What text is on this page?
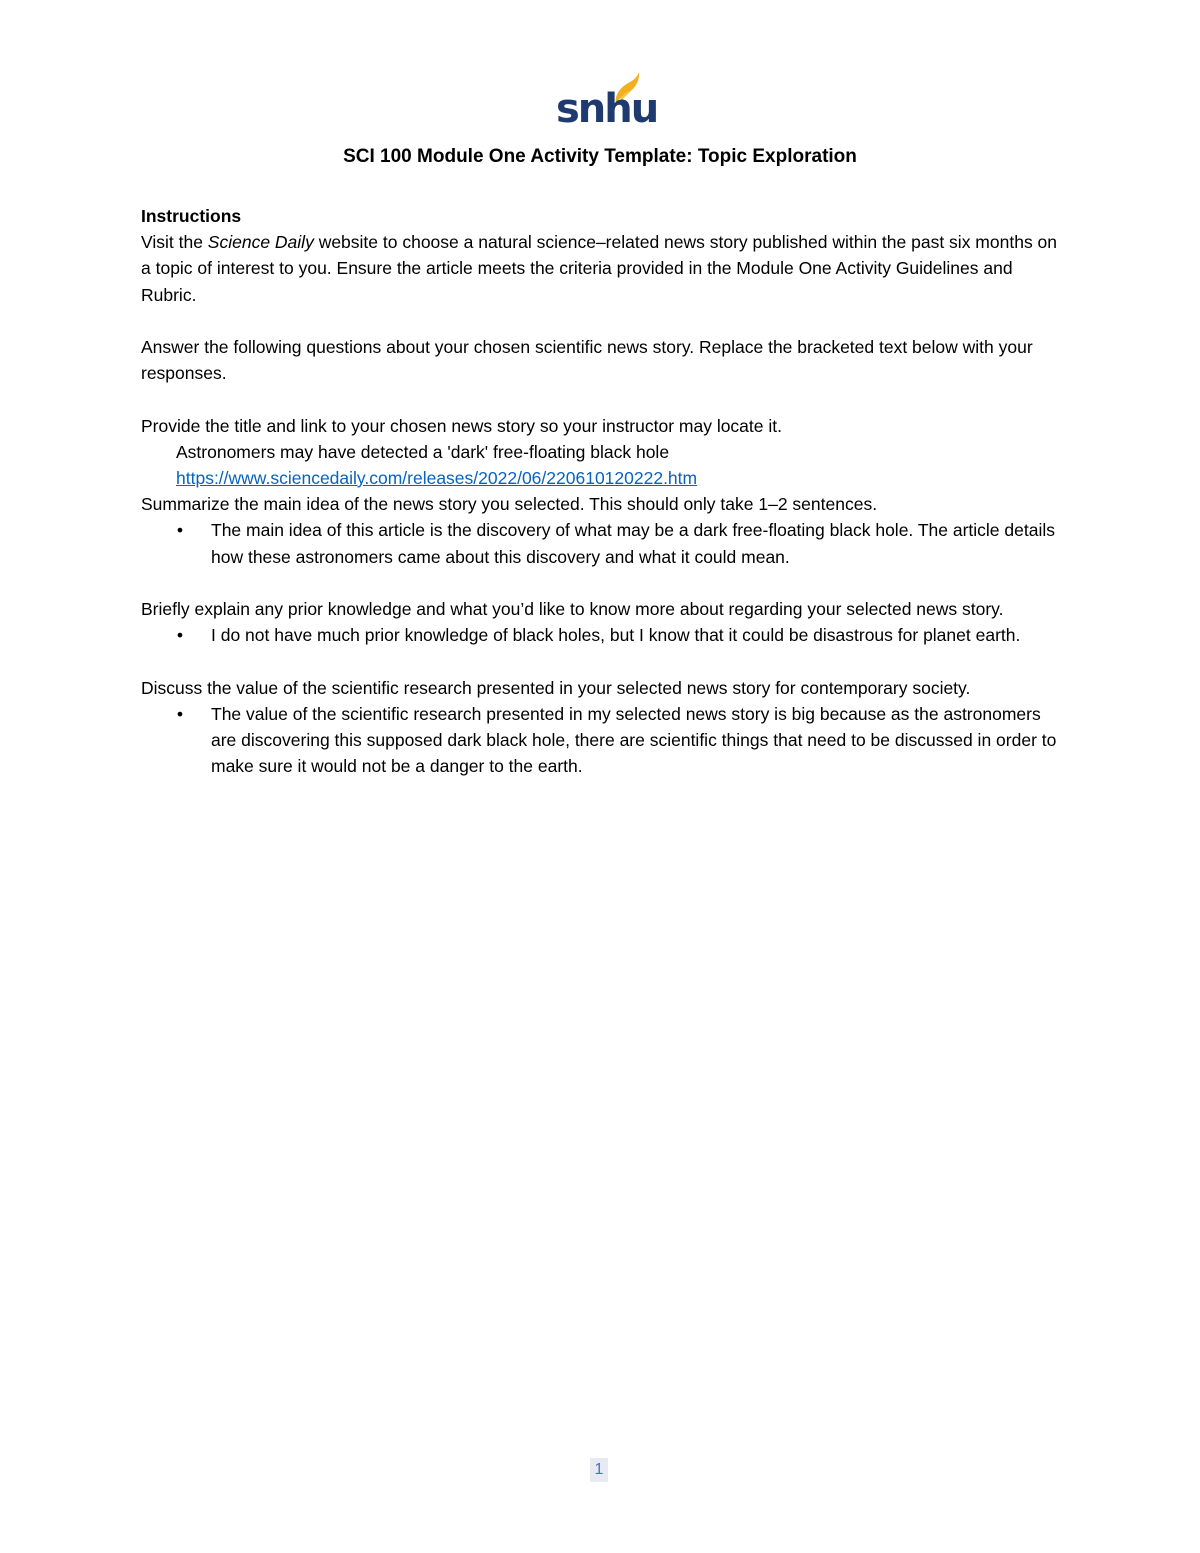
snhu
SCI 100 Module One Activity Template: Topic Exploration

Instructions

Visit the Science Daily website to choose a natural science–related news story published within the past six months on a topic of interest to you. Ensure the article meets the criteria provided in the Module One Activity Guidelines and Rubric.

Answer the following questions about your chosen scientific news story. Replace the bracketed text below with your responses.

Provide the title and link to your chosen news story so your instructor may locate it.

Astronomers may have detected a 'dark' free-floating black hole

https://www.sciencedaily.com/releases/2022/06/220610120222.htm

Summarize the main idea of the news story you selected. This should only take 1–2 sentences.

• The main idea of this article is the discovery of what may be a dark free-floating black hole. The article details how these astronomers came about this discovery and what it could mean.

Briefly explain any prior knowledge and what you’d like to know more about regarding your selected news story.

• I do not have much prior knowledge of black holes, but I know that it could be disastrous for planet earth.

Discuss the value of the scientific research presented in your selected news story for contemporary society.

• The value of the scientific research presented in my selected news story is big because as the astronomers are discovering this supposed dark black hole, there are scientific things that need to be discussed in order to make sure it would not be a danger to the earth.
1
